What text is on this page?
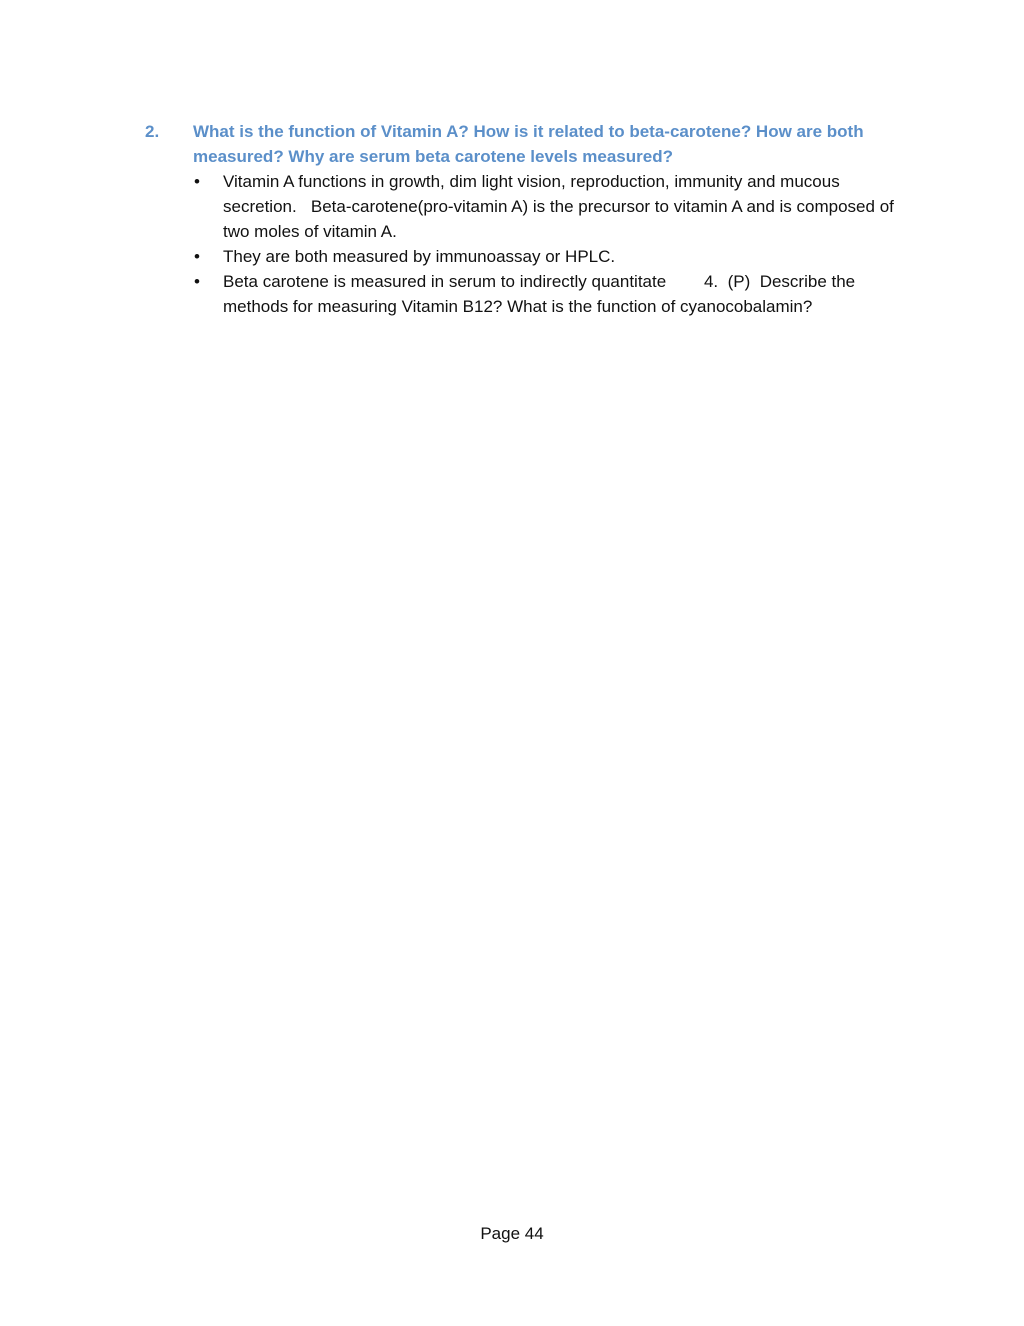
2. What is the function of Vitamin A? How is it related to beta-carotene? How are both measured? Why are serum beta carotene levels measured?
• Vitamin A functions in growth, dim light vision, reproduction, immunity and mucous secretion.   Beta-carotene(pro-vitamin A) is the precursor to vitamin A and is composed of two moles of vitamin A.
• They are both measured by immunoassay or HPLC.
• Beta carotene is measured in serum to indirectly quantitate        4.  (P)  Describe the methods for measuring Vitamin B12? What is the function of cyanocobalamin?
Page 44
